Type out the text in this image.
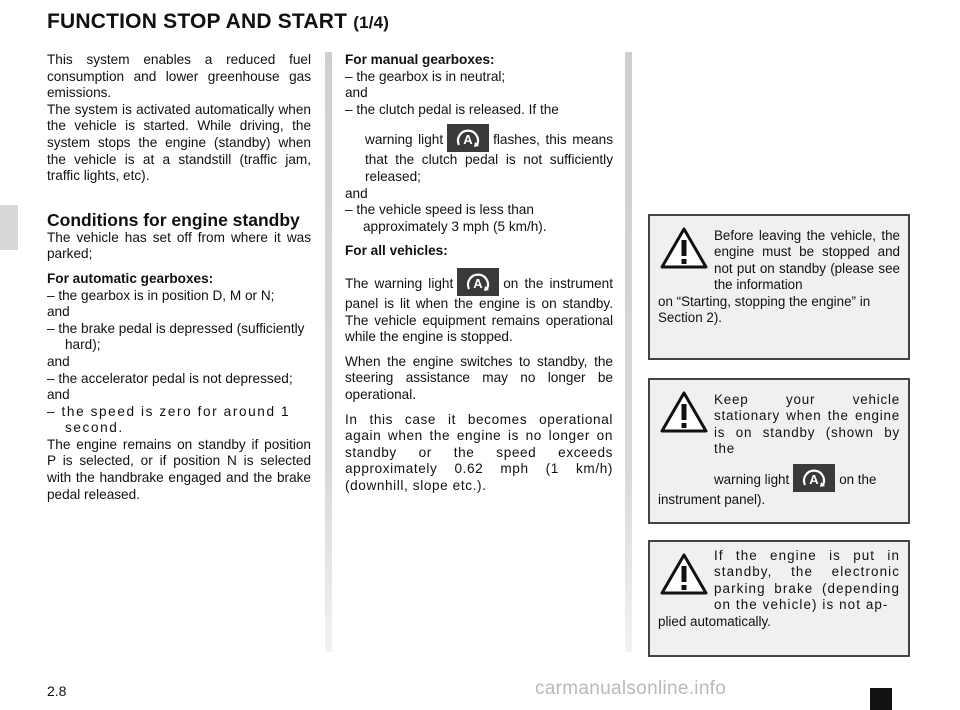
FUNCTION STOP AND START (1/4)

This system enables a reduced fuel consumption and lower greenhouse gas emissions.

The system is activated automatically when the vehicle is started. While driving, the system stops the engine (standby) when the vehicle is at a standstill (traffic jam, traffic lights, etc).

Conditions for engine standby

The vehicle has set off from where it was parked;

For automatic gearboxes:

– the gearbox is in position D, M or N;

and

– the brake pedal is depressed (sufficiently hard);

and

– the accelerator pedal is not depressed;

and

– the speed is zero for around 1 second.

The engine remains on standby if position P is selected, or if position N is selected with the handbrake engaged and the brake pedal released.

For manual gearboxes:

– the gearbox is in neutral;

and

– the clutch pedal is released. If the

warning light A flashes, this means that the clutch pedal is not sufficiently released;

and

– the vehicle speed is less than approximately 3 mph (5 km/h).

For all vehicles:

The warning light A on the instrument panel is lit when the engine is on standby. The vehicle equipment remains operational while the engine is stopped.

When the engine switches to standby, the steering assistance may no longer be operational.

In this case it becomes operational again when the engine is no longer on standby or the speed exceeds approximately 0.62 mph (1 km/h) (downhill, slope etc.).

Before leaving the vehicle, the engine must be stopped and not put on standby (please see the information
on “Starting, stopping the engine” in Section 2).
Keep your vehicle stationary when the engine is on standby (shown by the
warning light A on the
instrument panel).
If the engine is put in standby, the electronic parking brake (depending on the vehicle) is not ap-
plied automatically.
2.8	carmanualsonline.info
